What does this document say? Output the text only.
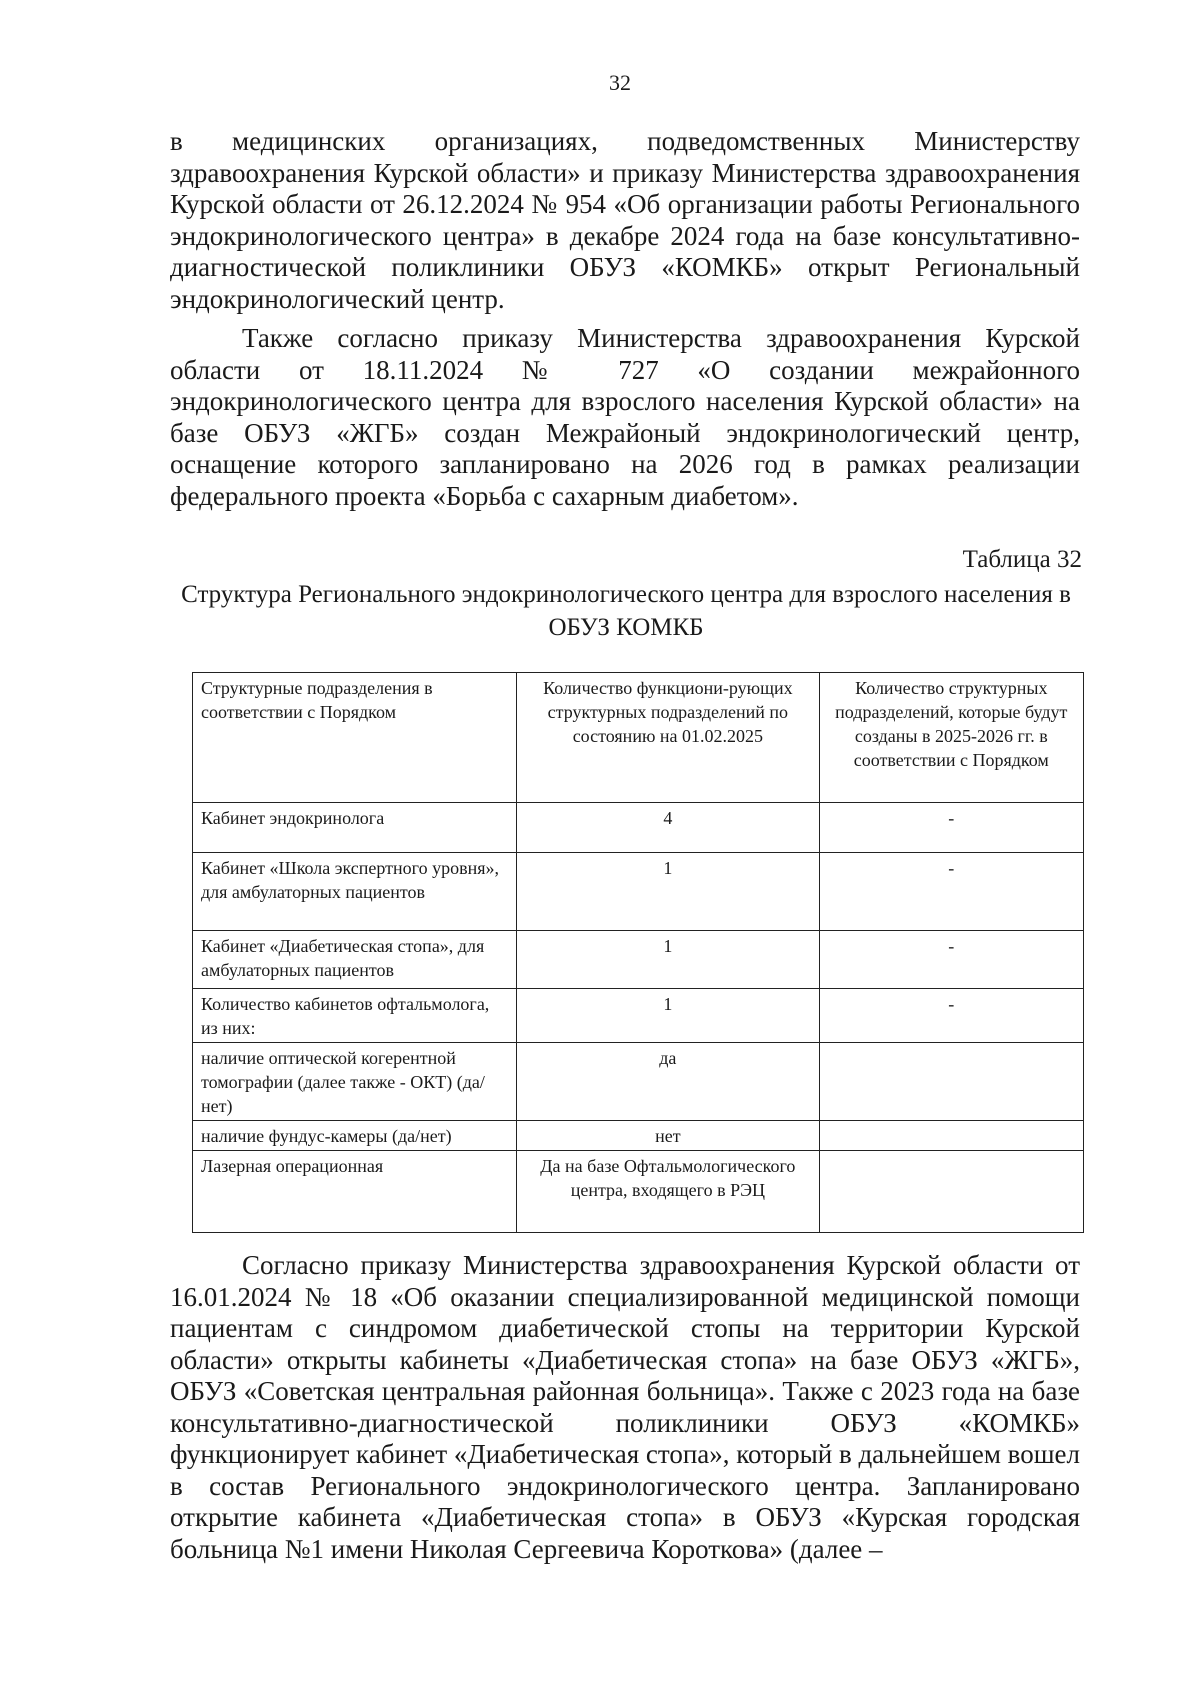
32

в медицинских организациях, подведомственных Министерству здравоохранения Курской области» и приказу Министерства здравоохранения Курской области от 26.12.2024 № 954 «Об организации работы Регионального эндокринологического центра» в декабре 2024 года на базе консультативно-диагностической поликлиники ОБУЗ «КОМКБ» открыт Региональный эндокринологический центр.

Также согласно приказу Министерства здравоохранения Курской области от 18.11.2024 № 727 «О создании межрайонного эндокринологического центра для взрослого населения Курской области» на базе ОБУЗ «ЖГБ» создан Межрайоный эндокринологический центр, оснащение которого запланировано на 2026 год в рамках реализации федерального проекта «Борьба с сахарным диабетом».

Таблица 32
Структура Регионального эндокринологического центра для взрослого населения в ОБУЗ КОМКБ
Структурные подразделения в соответствии с Порядком	Количество функциони-рующих структурных подразделений по состоянию на 01.02.2025	Количество структурных подразделений, которые будут созданы в 2025-2026 гг. в соответствии с Порядком
Кабинет эндокринолога	4	-
Кабинет «Школа экспертного уровня», для амбулаторных пациентов	1	-
Кабинет «Диабетическая стопа», для амбулаторных пациентов	1	-
Количество кабинетов офтальмолога, из них:	1	-
наличие оптической когерентной томографии (далее также - ОКТ) (да/нет)	да	
наличие фундус-камеры (да/нет)	нет	
Лазерная операционная	Да на базе Офтальмологического центра, входящего в РЭЦ	

Согласно приказу Министерства здравоохранения Курской области от 16.01.2024 № 18 «Об оказании специализированной медицинской помощи пациентам с синдромом диабетической стопы на территории Курской области» открыты кабинеты «Диабетическая стопа» на базе ОБУЗ «ЖГБ», ОБУЗ «Советская центральная районная больница». Также с 2023 года на базе консультативно-диагностической поликлиники ОБУЗ «КОМКБ» функционирует кабинет «Диабетическая стопа», который в дальнейшем вошел в состав Регионального эндокринологического центра. Запланировано открытие кабинета «Диабетическая стопа» в ОБУЗ «Курская городская больница №1 имени Николая Сергеевича Короткова» (далее –
